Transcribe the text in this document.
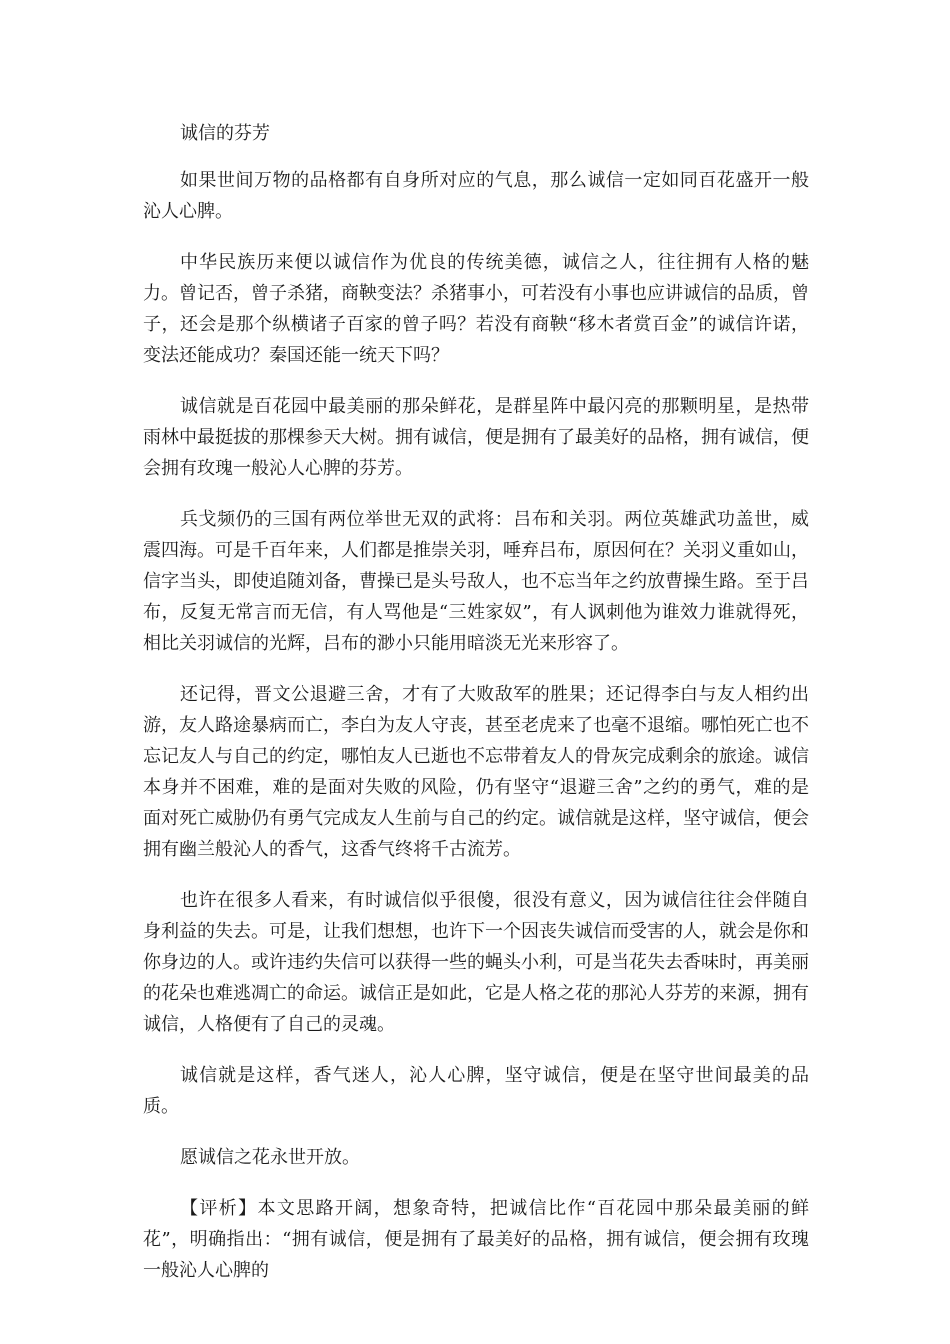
诚信的芬芳

如果世间万物的品格都有自身所对应的气息，那么诚信一定如同百花盛开一般沁人心脾。

中华民族历来便以诚信作为优良的传统美德，诚信之人，往往拥有人格的魅力。曾记否，曾子杀猪，商鞅变法？杀猪事小，可若没有小事也应讲诚信的品质，曾子，还会是那个纵横诸子百家的曾子吗？若没有商鞅“移木者赏百金”的诚信许诺，变法还能成功？秦国还能一统天下吗？

诚信就是百花园中最美丽的那朵鲜花，是群星阵中最闪亮的那颗明星，是热带雨林中最挺拔的那棵参天大树。拥有诚信，便是拥有了最美好的品格，拥有诚信，便会拥有玫瑰一般沁人心脾的芬芳。

兵戈频仍的三国有两位举世无双的武将：吕布和关羽。两位英雄武功盖世，威震四海。可是千百年来，人们都是推崇关羽，唾弃吕布，原因何在？关羽义重如山，信字当头，即使追随刘备，曹操已是头号敌人，也不忘当年之约放曹操生路。至于吕布，反复无常言而无信，有人骂他是“三姓家奴”，有人讽刺他为谁效力谁就得死，相比关羽诚信的光辉，吕布的渺小只能用暗淡无光来形容了。

还记得，晋文公退避三舍，才有了大败敌军的胜果；还记得李白与友人相约出游，友人路途暴病而亡，李白为友人守丧，甚至老虎来了也毫不退缩。哪怕死亡也不忘记友人与自己的约定，哪怕友人已逝也不忘带着友人的骨灰完成剩余的旅途。诚信本身并不困难，难的是面对失败的风险，仍有坚守“退避三舍”之约的勇气，难的是面对死亡威胁仍有勇气完成友人生前与自己的约定。诚信就是这样，坚守诚信，便会拥有幽兰般沁人的香气，这香气终将千古流芳。

也许在很多人看来，有时诚信似乎很傻，很没有意义，因为诚信往往会伴随自身利益的失去。可是，让我们想想，也许下一个因丧失诚信而受害的人，就会是你和你身边的人。或许违约失信可以获得一些的蝇头小利，可是当花失去香味时，再美丽的花朵也难逃凋亡的命运。诚信正是如此，它是人格之花的那沁人芬芳的来源，拥有诚信，人格便有了自己的灵魂。

诚信就是这样，香气迷人，沁人心脾，坚守诚信，便是在坚守世间最美的品质。

愿诚信之花永世开放。

【评析】本文思路开阔，想象奇特，把诚信比作“百花园中那朵最美丽的鲜花”，明确指出：“拥有诚信，便是拥有了最美好的品格，拥有诚信，便会拥有玫瑰一般沁人心脾的
